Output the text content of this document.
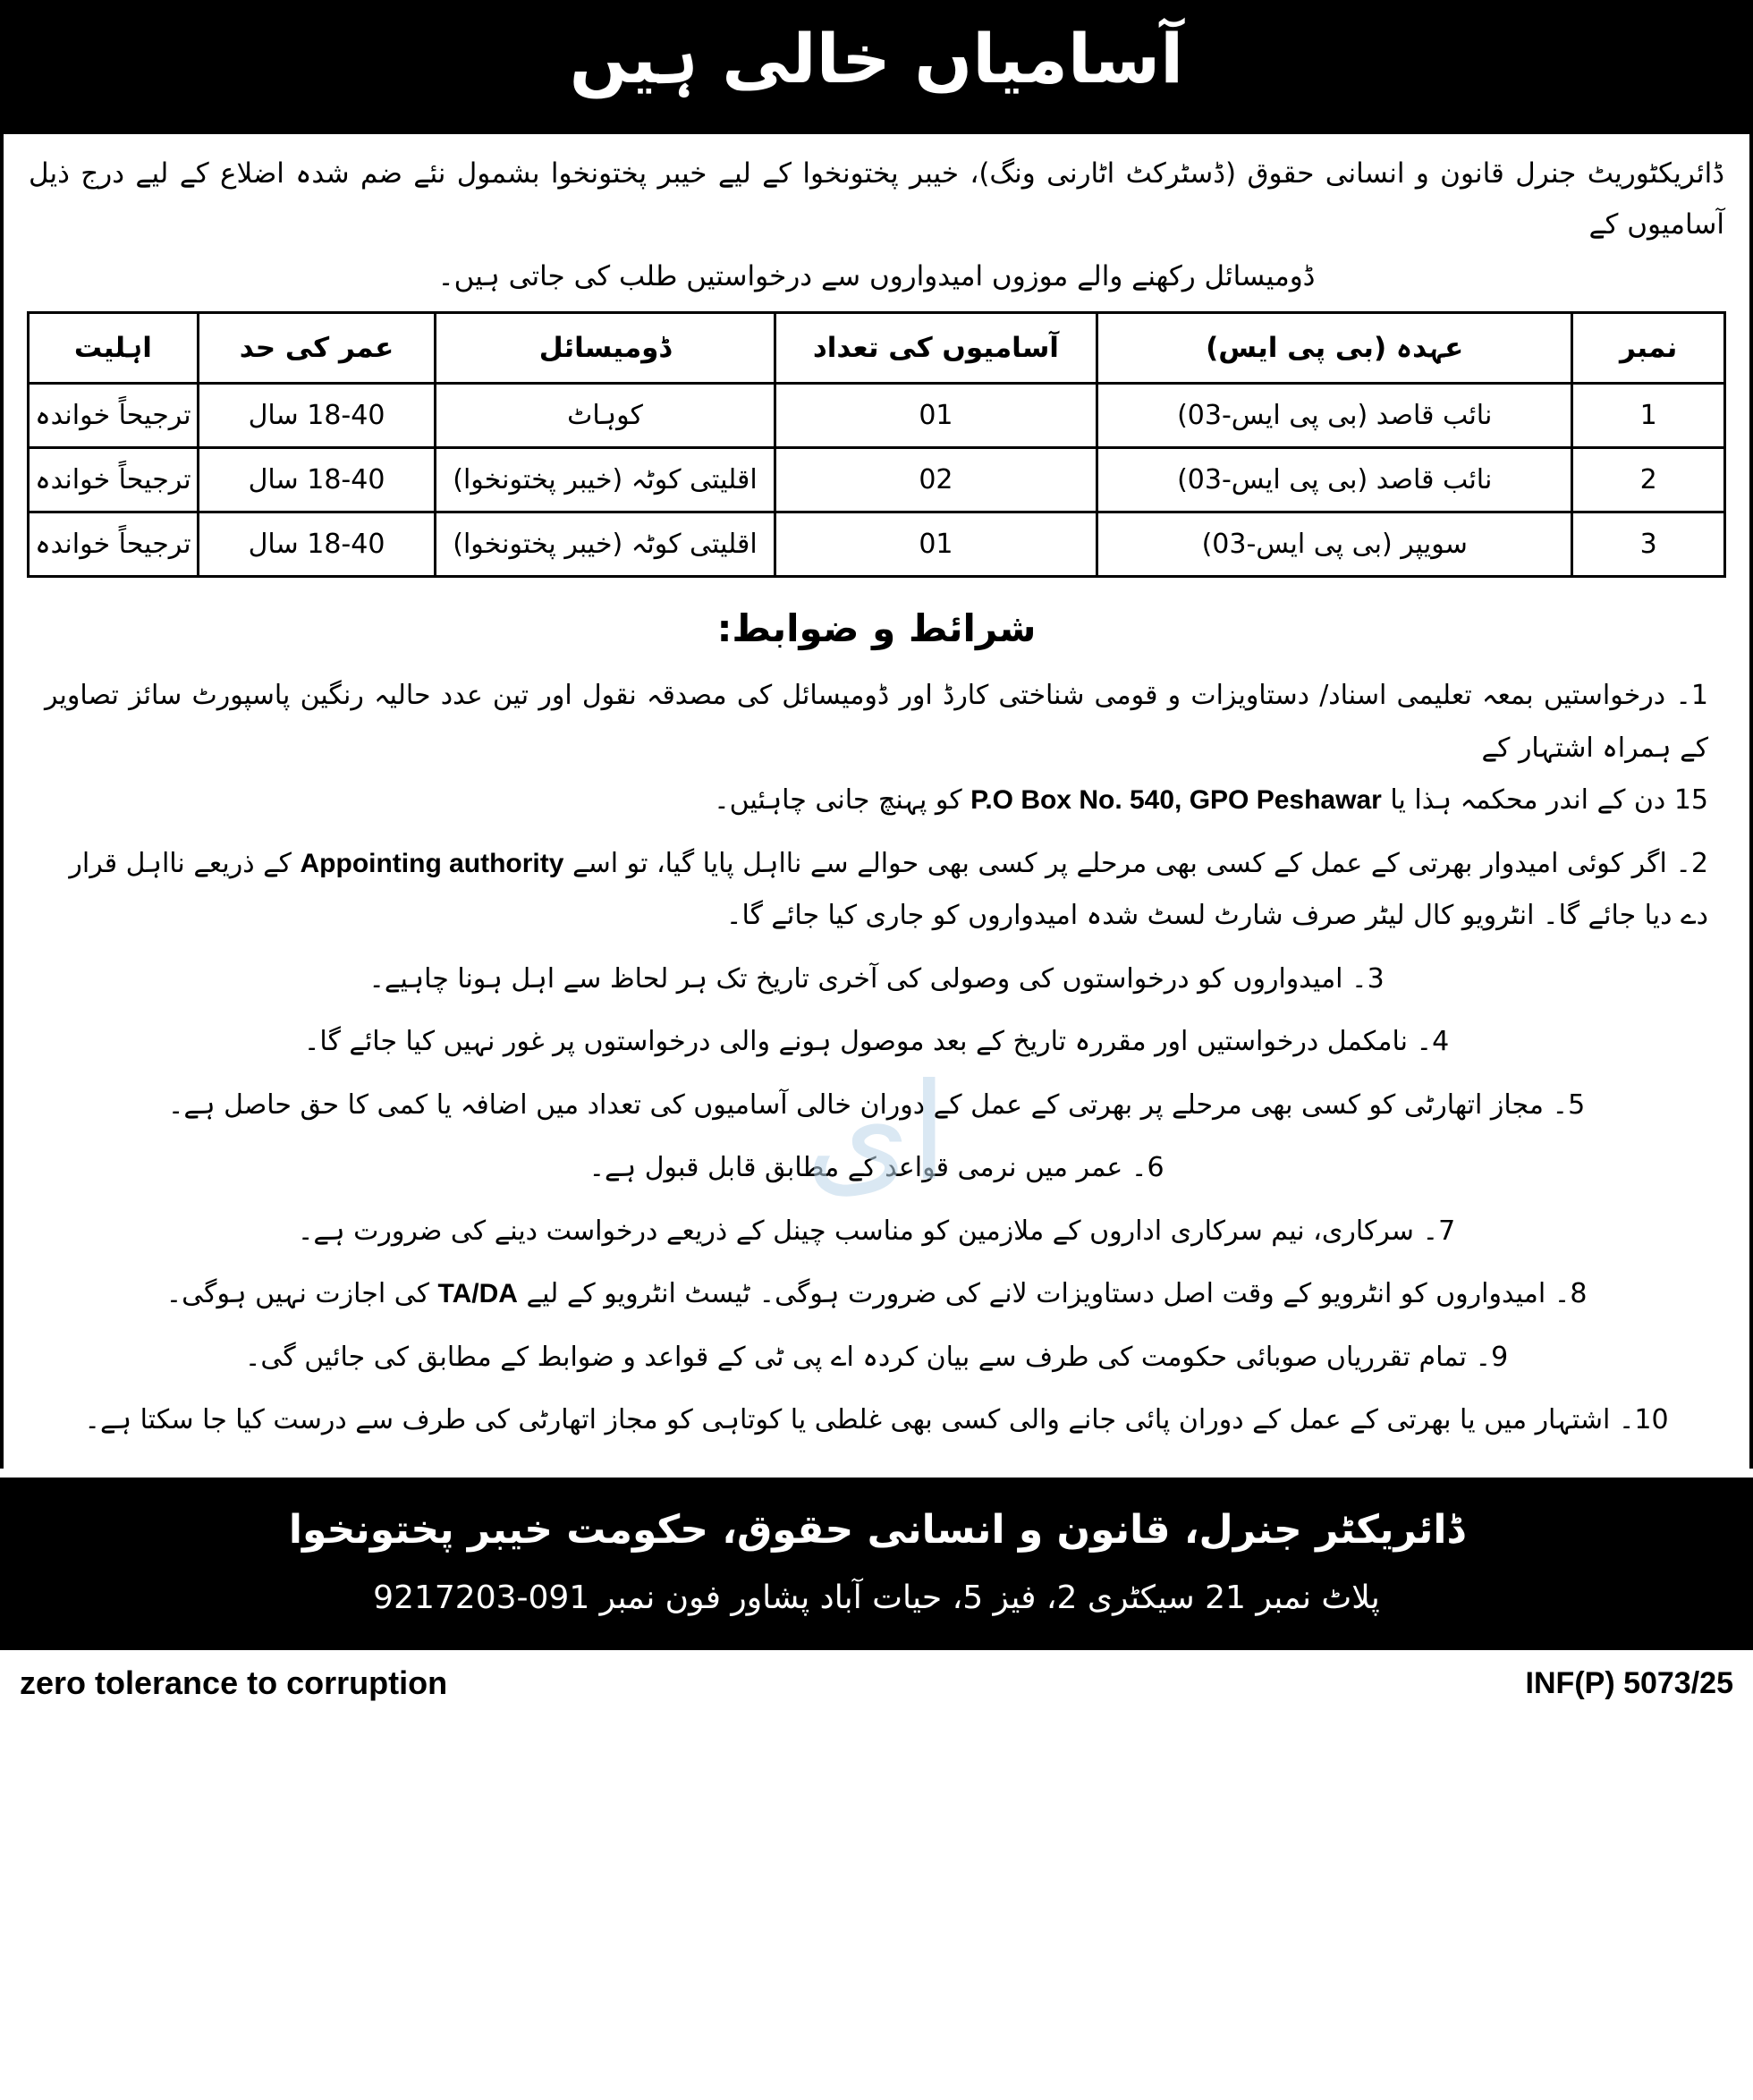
آسامیاں خالی ہیں
ڈائریکٹوریٹ جنرل قانون و انسانی حقوق (ڈسٹرکٹ اٹارنی ونگ)، خیبر پختونخوا کے لیے خیبر پختونخوا بشمول نئے ضم شدہ اضلاع کے لیے درج ذیل آسامیوں کے
ڈومیسائل رکھنے والے موزوں امیدواروں سے درخواستیں طلب کی جاتی ہیں۔
نمبر	عہدہ (بی پی ایس)	آسامیوں کی تعداد	ڈومیسائل	عمر کی حد	اہلیت
1	نائب قاصد (بی پی ایس-03)	01	کوہاٹ	18-40 سال	ترجیحاً خواندہ
2	نائب قاصد (بی پی ایس-03)	02	اقلیتی کوٹہ (خیبر پختونخوا)	18-40 سال	ترجیحاً خواندہ
3	سویپر (بی پی ایس-03)	01	اقلیتی کوٹہ (خیبر پختونخوا)	18-40 سال	ترجیحاً خواندہ
شرائط و ضوابط:
1۔ درخواستیں بمعہ تعلیمی اسناد/ دستاویزات و قومی شناختی کارڈ اور ڈومیسائل کی مصدقہ نقول اور تین عدد حالیہ رنگین پاسپورٹ سائز تصاویر کے ہمراہ اشتہار کے
15 دن کے اندر محکمہ ہذا یا P.O Box No. 540, GPO Peshawar کو پہنچ جانی چاہئیں۔
2۔ اگر کوئی امیدوار بھرتی کے عمل کے کسی بھی مرحلے پر کسی بھی حوالے سے نااہل پایا گیا، تو اسے Appointing authority کے ذریعے نااہل قرار
دے دیا جائے گا۔ انٹرویو کال لیٹر صرف شارٹ لسٹ شدہ امیدواروں کو جاری کیا جائے گا۔
3۔ امیدواروں کو درخواستوں کی وصولی کی آخری تاریخ تک ہر لحاظ سے اہل ہونا چاہیے۔
4۔ نامکمل درخواستیں اور مقررہ تاریخ کے بعد موصول ہونے والی درخواستوں پر غور نہیں کیا جائے گا۔
5۔ مجاز اتھارٹی کو کسی بھی مرحلے پر بھرتی کے عمل کے دوران خالی آسامیوں کی تعداد میں اضافہ یا کمی کا حق حاصل ہے۔
6۔ عمر میں نرمی قواعد کے مطابق قابل قبول ہے۔
7۔ سرکاری، نیم سرکاری اداروں کے ملازمین کو مناسب چینل کے ذریعے درخواست دینے کی ضرورت ہے۔
8۔ امیدواروں کو انٹرویو کے وقت اصل دستاویزات لانے کی ضرورت ہوگی۔ ٹیسٹ انٹرویو کے لیے TA/DA کی اجازت نہیں ہوگی۔
9۔ تمام تقرریاں صوبائی حکومت کی طرف سے بیان کردہ اے پی ٹی کے قواعد و ضوابط کے مطابق کی جائیں گی۔
10۔ اشتہار میں یا بھرتی کے عمل کے دوران پائی جانے والی کسی بھی غلطی یا کوتاہی کو مجاز اتھارٹی کی طرف سے درست کیا جا سکتا ہے۔
ای
ڈائریکٹر جنرل، قانون و انسانی حقوق، حکومت خیبر پختونخوا
پلاٹ نمبر 21 سیکٹری 2، فیز 5، حیات آباد پشاور فون نمبر 091-9217203
INF(P) 5073/25
zero tolerance to corruption
